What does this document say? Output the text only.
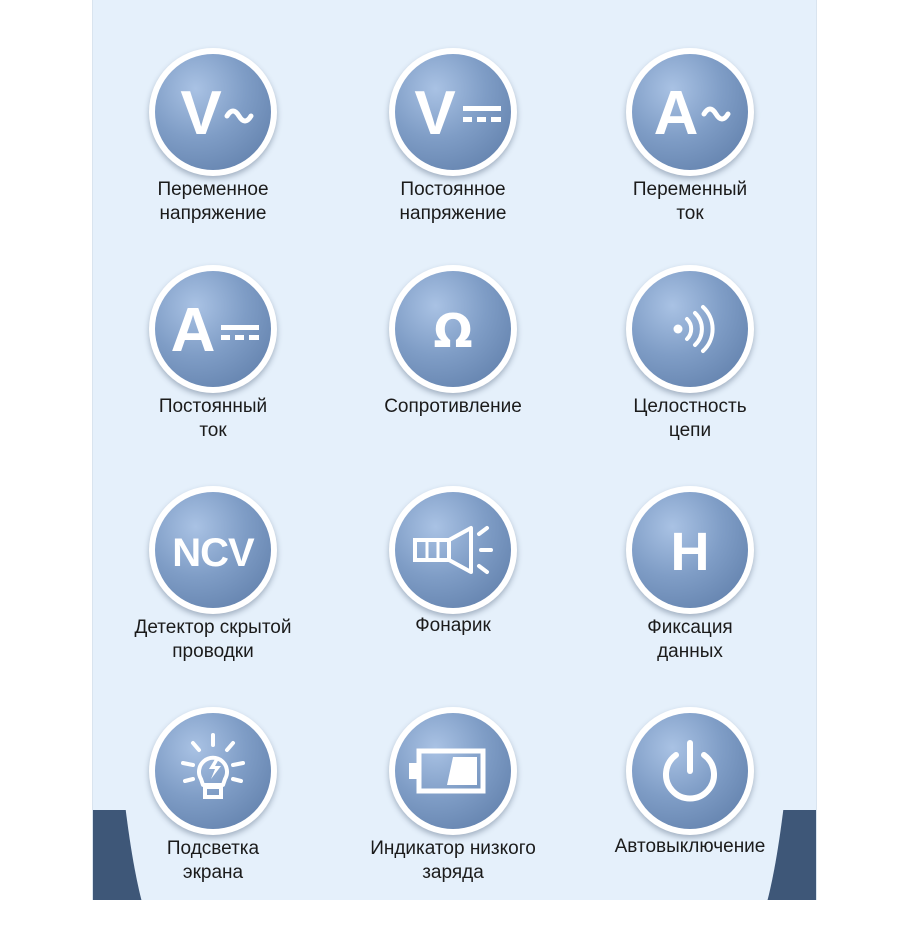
V
Переменное
напряжение
V
Постоянное
напряжение
A
Переменный
ток
A
Постоянный
ток
Ω
Сопротивление	Целостность
цепи
NCV
Детектор скрытой
проводки
Фонарик
H
Фиксация
данных
Подсветка
экрана
Индикатор низкого
заряда
Автовыключение
